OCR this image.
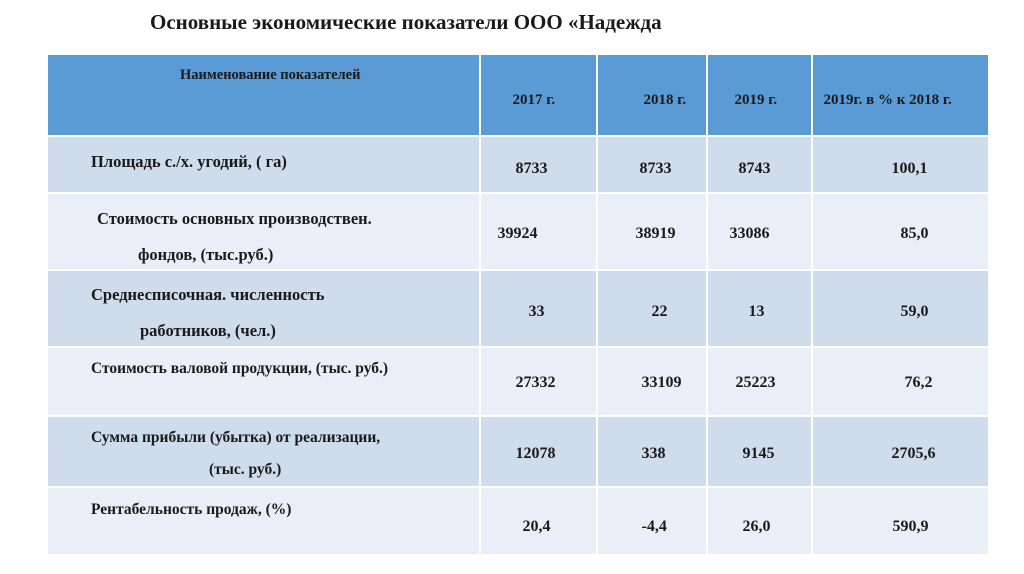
Основные экономические показатели ООО «Надежда
Наименование показателей	2017 г.	2018 г.	2019 г.	2019г. в % к 2018 г.

Площадь с./х. угодий, ( га)	8733	8733	8743	100,1

Стоимость основных производствен.
фондов, (тыс.руб.)	39924	38919	33086	85,0

Среднесписочная. численность
работников, (чел.)	33	22	13	59,0

Стоимость валовой продукции, (тыс. руб.)	27332	33109	25223	76,2

Сумма прибыли (убытка) от реализации,
(тыс. руб.)	12078	338	9145	2705,6

Рентабельность продаж, (%)	20,4	-4,4	26,0	590,9
